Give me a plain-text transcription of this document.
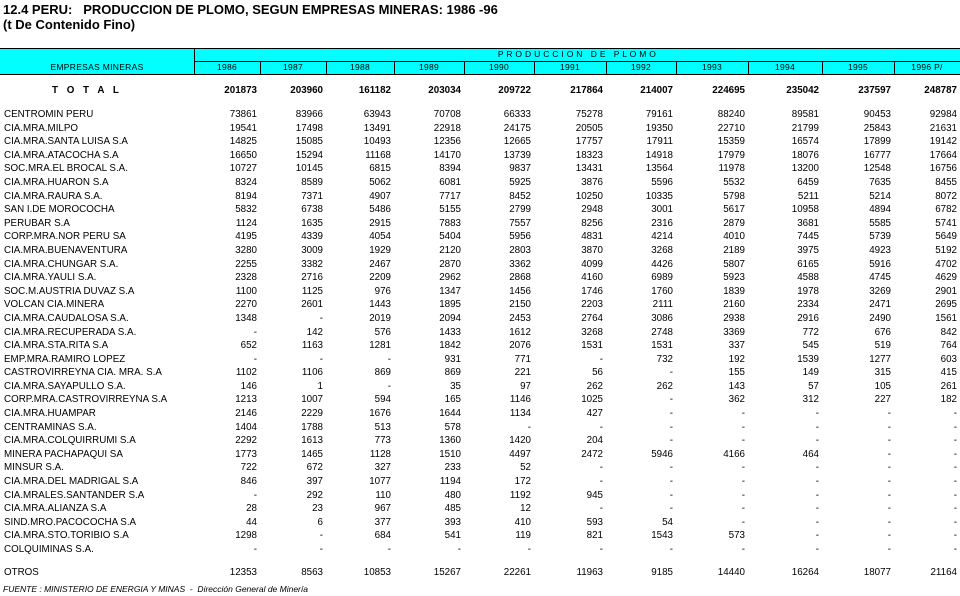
12.4 PERU:   PRODUCCION DE PLOMO, SEGUN EMPRESAS MINERAS: 1986 -96
(t De Contenido Fino)
P R O D U C C I O N   D E   P L O M O
EMPRESAS MINERAS	1986	1987	1988	1989	1990	1991	1992	1993	1994	1995	1996 P/
T O T A L	201873	203960	161182	203034	209722	217864	214007	224695	235042	237597	248787

CENTROMIN PERU	73861	83966	63943	70708	66333	75278	79161	88240	89581	90453	92984
CIA.MRA.MILPO	19541	17498	13491	22918	24175	20505	19350	22710	21799	25843	21631
CIA.MRA.SANTA LUISA S.A	14825	15085	10493	12356	12665	17757	17911	15359	16574	17899	19142
CIA.MRA.ATACOCHA S.A	16650	15294	11168	14170	13739	18323	14918	17979	18076	16777	17664
SOC.MRA.EL BROCAL S.A.	10727	10145	6815	8394	9837	13431	13564	11978	13200	12548	16756
CIA.MRA.HUARON S.A	8324	8589	5062	6081	5925	3876	5596	5532	6459	7635	8455
CIA.MRA.RAURA S.A.	8194	7371	4907	7717	8452	10250	10335	5798	5211	5214	8072
SAN I.DE MOROCOCHA	5832	6738	5486	5155	2799	2948	3001	5617	10958	4894	6782
PERUBAR S.A	1124	1635	2915	7883	7557	8256	2316	2879	3681	5585	5741
CORP.MRA.NOR PERU SA	4195	4339	4054	5404	5956	4831	4214	4010	7445	5739	5649
CIA.MRA.BUENAVENTURA	3280	3009	1929	2120	2803	3870	3268	2189	3975	4923	5192
CIA.MRA.CHUNGAR S.A.	2255	3382	2467	2870	3362	4099	4426	5807	6165	5916	4702
CIA.MRA.YAULI S.A.	2328	2716	2209	2962	2868	4160	6989	5923	4588	4745	4629
SOC.M.AUSTRIA DUVAZ S.A	1100	1125	976	1347	1456	1746	1760	1839	1978	3269	2901
VOLCAN CIA.MINERA	2270	2601	1443	1895	2150	2203	2111	2160	2334	2471	2695
CIA.MRA.CAUDALOSA S.A.	1348	-	2019	2094	2453	2764	3086	2938	2916	2490	1561
CIA.MRA.RECUPERADA S.A.	-	142	576	1433	1612	3268	2748	3369	772	676	842
CIA.MRA.STA.RITA S.A	652	1163	1281	1842	2076	1531	1531	337	545	519	764
EMP.MRA.RAMIRO LOPEZ	-	-	-	931	771	-	732	192	1539	1277	603
CASTROVIRREYNA CIA. MRA. S.A	1102	1106	869	869	221	56	-	155	149	315	415
CIA.MRA.SAYAPULLO S.A.	146	1	-	35	97	262	262	143	57	105	261
CORP.MRA.CASTROVIRREYNA S.A	1213	1007	594	165	1146	1025	-	362	312	227	182
CIA.MRA.HUAMPAR	2146	2229	1676	1644	1134	427	-	-	-	-	-
CENTRAMINAS S.A.	1404	1788	513	578	-	-	-	-	-	-	-
CIA.MRA.COLQUIRRUMI S.A	2292	1613	773	1360	1420	204	-	-	-	-	-
MINERA PACHAPAQUI SA	1773	1465	1128	1510	4497	2472	5946	4166	464	-	-
MINSUR S.A.	722	672	327	233	52	-	-	-	-	-	-
CIA.MRA.DEL MADRIGAL S.A	846	397	1077	1194	172	-	-	-	-	-	-
CIA.MRALES.SANTANDER S.A	-	292	110	480	1192	945	-	-	-	-	-
CIA.MRA.ALIANZA S.A	28	23	967	485	12	-	-	-	-	-	-
SIND.MRO.PACOCOCHA S.A	44	6	377	393	410	593	54	-	-	-	-
CIA.MRA.STO.TORIBIO S.A	1298	-	684	541	119	821	1543	573	-	-	-
COLQUIMINAS S.A.	-	-	-	-	-	-	-	-	-	-	-

OTROS	12353	8563	10853	15267	22261	11963	9185	14440	16264	18077	21164
FUENTE : MINISTERIO DE ENERGIA Y MINAS  -  Dirección General de Minería
